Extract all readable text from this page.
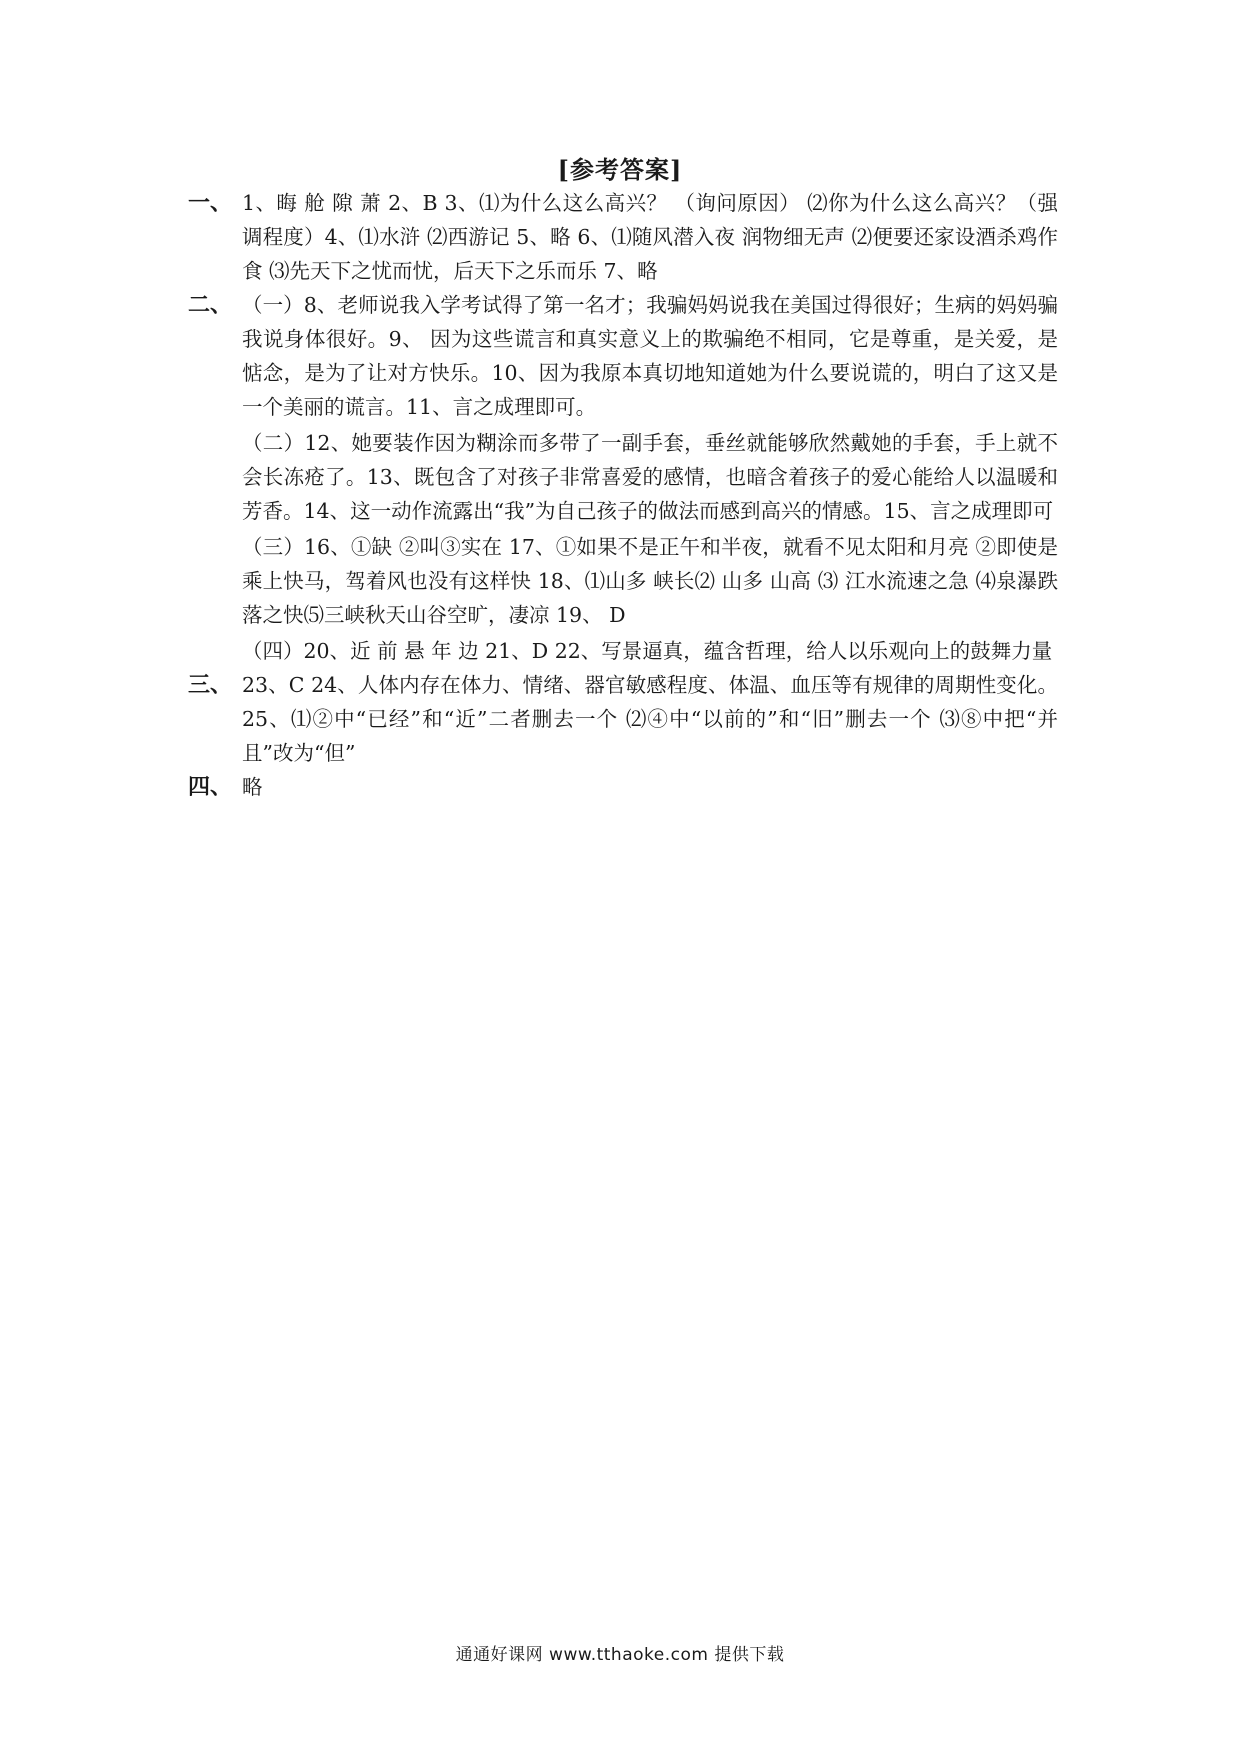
[参考答案]
一、 1、晦 舱 隙 萧 2、B 3、⑴为什么这么高兴？ （询问原因） ⑵你为什么这么高兴？（强调程度）4、⑴水浒 ⑵西游记 5、略 6、⑴随风潜入夜 润物细无声 ⑵便要还家设酒杀鸡作食 ⑶先天下之忧而忧，后天下之乐而乐 7、略

二、 （一）8、老师说我入学考试得了第一名才；我骗妈妈说我在美国过得很好；生病的妈妈骗我说身体很好。9、 因为这些谎言和真实意义上的欺骗绝不相同，它是尊重，是关爱，是惦念，是为了让对方快乐。10、因为我原本真切地知道她为什么要说谎的，明白了这又是一个美丽的谎言。11、言之成理即可。

（二）12、她要装作因为糊涂而多带了一副手套，垂丝就能够欣然戴她的手套，手上就不会长冻疮了。13、既包含了对孩子非常喜爱的感情，也暗含着孩子的爱心能给人以温暖和芳香。14、这一动作流露出“我”为自己孩子的做法而感到高兴的情感。15、言之成理即可

（三）16、①缺 ②叫③实在 17、①如果不是正午和半夜，就看不见太阳和月亮 ②即使是乘上快马，驾着风也没有这样快 18、⑴山多 峡长⑵ 山多 山高 ⑶ 江水流速之急 ⑷泉瀑跌落之快⑸三峡秋天山谷空旷，凄凉 19、 D

（四）20、近 前 悬 年 边 21、D 22、写景逼真，蕴含哲理，给人以乐观向上的鼓舞力量

三、 23、C 24、人体内存在体力、情绪、器官敏感程度、体温、血压等有规律的周期性变化。25、⑴②中“已经”和“近”二者删去一个 ⑵④中“以前的”和“旧”删去一个 ⑶⑧中把“并且”改为“但”

四、 略

通通好课网 www.tthaoke.com 提供下载
